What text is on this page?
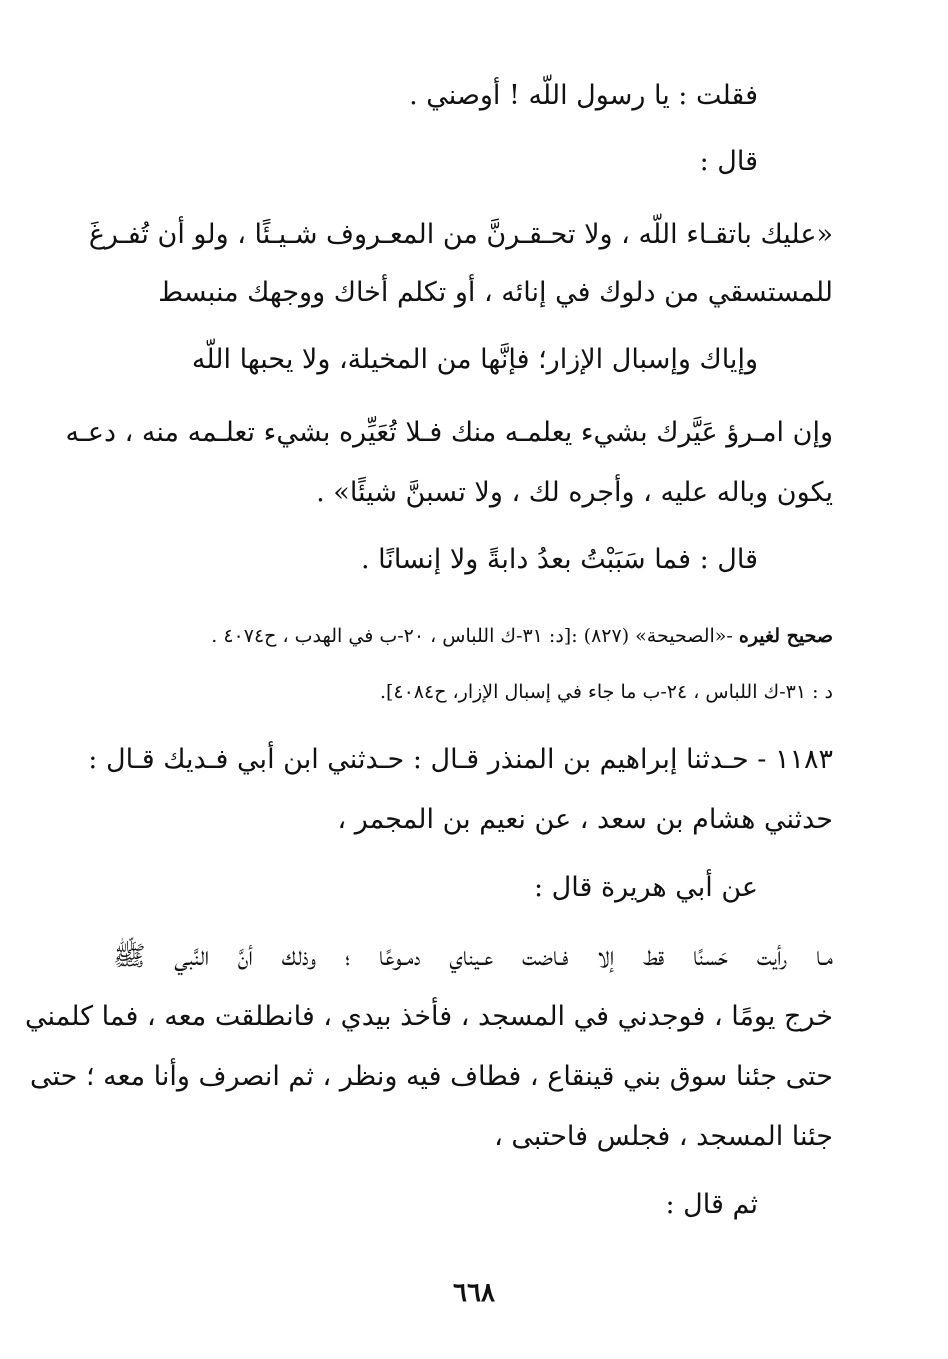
فقلت : يا رسول اللّه ! أوصني .
قال :
«عليك باتقـاء اللّه ، ولا تحـقـرنَّ من المعـروف شـيـئًا ، ولو أن تُفـرغَ
للمستسقي من دلوك في إنائه ، أو تكلم أخاك ووجهك منبسط
وإياك وإسبال الإزار؛ فإنَّها من المخيلة، ولا يحبها اللّه
وإن امـرؤ عَيَّرك بشيء يعلمـه منك فـلا تُعَيِّره بشيء تعلـمه منه ، دعـه
يكون وباله عليه ، وأجره لك ، ولا تسبنَّ شيئًا» .
قال : فما سَبَبْتُ بعدُ دابةً ولا إنسانًا .
صحيح لغيره -«الصحيحة» (٨٢٧) :[د: ٣١-ك اللباس ، ٢٠-ب في الهدب ، ح٤٠٧٤ .
د : ٣١-ك اللباس ، ٢٤-ب ما جاء في إسبال الإزار، ح٤٠٨٤].
١١٨٣ - حـدثنا إبراهيم بن المنذر قـال : حـدثني ابن أبي فـديك قـال :
حدثني هشام بن سعد ، عن نعيم بن المجمر ،
عن أبي هريرة قال :
مـا رأيت حَسنًا قط إلا فـاضت عـيناي دمـوعًا ؛ وذلك أنَّ النَّبي ﷺ
خرج يومًا ، فوجدني في المسجد ، فأخذ بيدي ، فانطلقت معه ، فما كلمني
حتى جئنا سوق بني قينقاع ، فطاف فيه ونظر ، ثم انصرف وأنا معه ؛ حتى
جئنا المسجد ، فجلس فاحتبى ،
ثم قال :
٦٦٨
